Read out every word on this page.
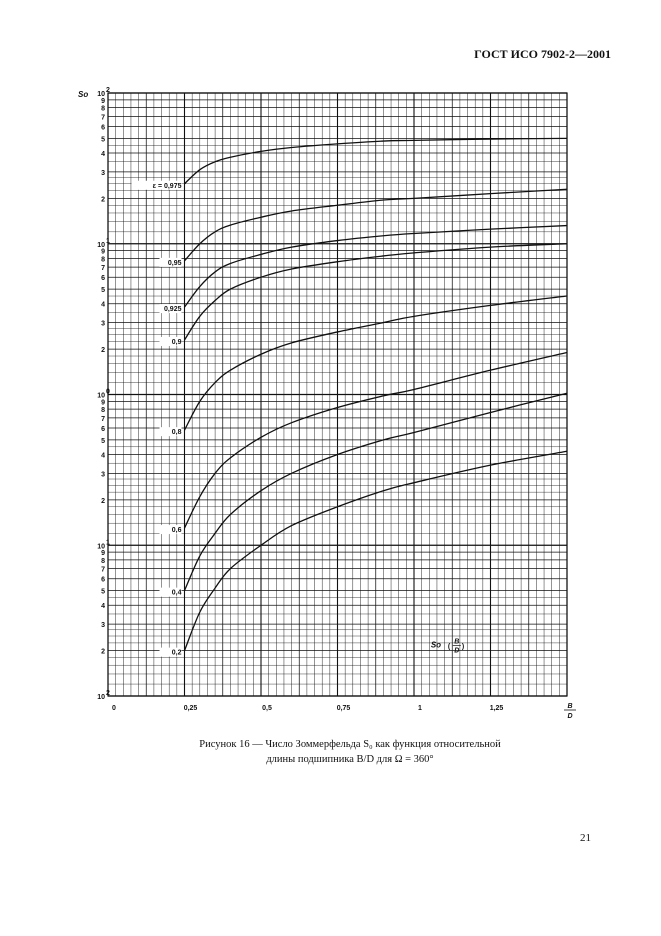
ГОСТ ИСО 7902-2—2001
0	0,25	0,5	0,75	1	1,25
10
2
10
1
10
0
10
1
10
2
2
3
4
5
6
7
8
9
2
3
4
5
6
7
8
9
2
3
4
5
6
7
8
9
2
3
4
5
6
7
8
9
ε = 0,975
0,95
0,925
0,9
0,8
0,6
0,4
0,2
So
B
D
So (
B
D
)
Рисунок 16 — Число Зоммерфельда S₀ как функция относительной
длины подшипника B/D для Ω = 360°
21
